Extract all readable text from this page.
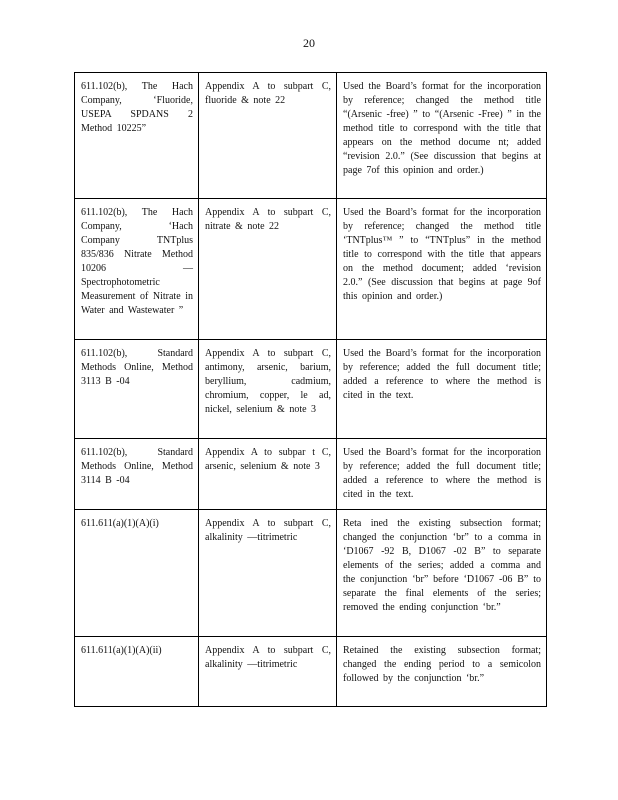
20
611.102(b), The Hach Company, ‘Fluoride, USEPA SPDANS 2 Method 10225”	Appendix A to subpart C, fluoride & note 22	Used the Board’s format for the incorporation by reference; changed the method title “(Arsenic -free) ” to “(Arsenic -Free) ” in the method title to correspond with the title that appears on the method docume nt; added “revision 2.0.” (See discussion that begins at page 7of this opinion and order.)

611.102(b), The Hach Company, ‘Hach Company TNTplus 835/836 Nitrate Method 10206 — Spectrophotometric Measurement of Nitrate in Water and Wastewater ”	Appendix A to subpart C, nitrate & note 22	Used the Board’s format for the incorporation by reference; changed the method title ‘TNTplus™ ” to “TNTplus” in the method title to correspond with the title that appears on the method document; added ‘revision 2.0.” (See discussion that begins at page 9of this opinion and order.)

611.102(b), Standard Methods Online, Method 3113 B -04	Appendix A to subpart C, antimony, arsenic, barium, beryllium, cadmium, chromium, copper, le ad, nickel, selenium & note 3	Used the Board’s format for the incorporation by reference; added the full document title; added a reference to where the method is cited in the text.

611.102(b), Standard Methods Online, Method 3114 B -04	Appendix A to subpar t C, arsenic, selenium & note 3	Used the Board’s format for the incorporation by reference; added the full document title; added a reference to where the method is cited in the text.

611.611(a)(1)(A)(i)	Appendix A to subpart C, alkalinity —titrimetric	Reta ined the existing subsection format; changed the conjunction ‘br” to a comma in ‘D1067 -92 B, D1067 -02 B” to separate elements of the series; added a comma and the conjunction ‘br” before ‘D1067 -06 B” to separate the final elements of the series; removed the ending conjunction ‘br.”

611.611(a)(1)(A)(ii)	Appendix A to subpart C, alkalinity —titrimetric	Retained the existing subsection format; changed the ending period to a semicolon followed by the conjunction ‘br.”
